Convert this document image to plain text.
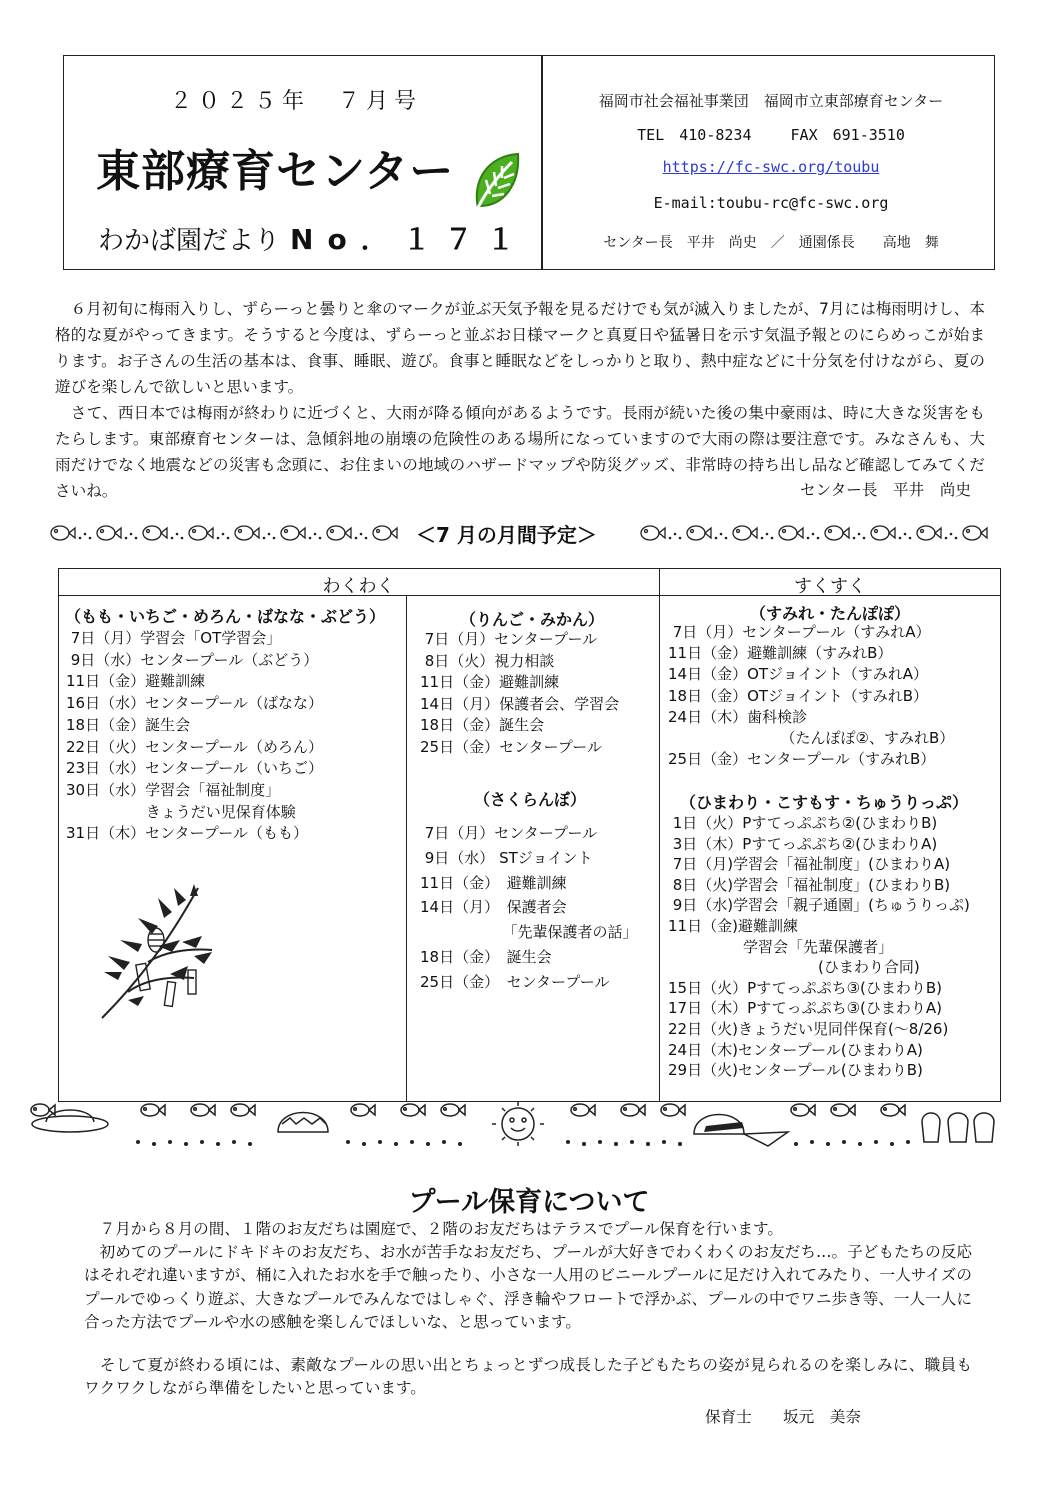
２０２５年　７月号
東部療育センター
わかば園だより No．１７１
福岡市社会福祉事業団　福岡市立東部療育センター
TEL　410-8234　　 FAX　691-3510
https://fc-swc.org/toubu
E-mail:toubu-rc@fc-swc.org
センター長　平井　尚史　／　通園係長　　高地　舞
　６月初旬に梅雨入りし、ずらーっと曇りと傘のマークが並ぶ天気予報を見るだけでも気が滅入りましたが、7月には梅雨明けし、本格的な夏がやってきます。そうすると今度は、ずらーっと並ぶお日様マークと真夏日や猛暑日を示す気温予報とのにらめっこが始まります。お子さんの生活の基本は、食事、睡眠、遊び。食事と睡眠などをしっかりと取り、熱中症などに十分気を付けながら、夏の遊びを楽しんで欲しいと思います。
　さて、西日本では梅雨が終わりに近づくと、大雨が降る傾向があるようです。長雨が続いた後の集中豪雨は、時に大きな災害をもたらします。東部療育センターは、急傾斜地の崩壊の危険性のある場所になっていますので大雨の際は要注意です。みなさんも、大雨だけでなく地震などの災害も念頭に、お住まいの地域のハザードマップや防災グッズ、非常時の持ち出し品など確認してみてくださいね。	センター長　平井　尚史
＜7 月の月間予定＞
わくわく	すくすく
（もも・いちご・めろん・ばなな・ぶどう）
7日（月）学習会「OT学習会」
9日（水）センタープール（ぶどう）
11日（金）避難訓練
16日（水）センタープール（ばなな）
18日（金）誕生会
22日（火）センタープール（めろん）
23日（水）センタープール（いちご）
30日（水）学習会「福祉制度」
　　　　　 きょうだい児保育体験
31日（木）センタープール（もも）
（りんご・みかん）
7日（月）センタープール
8日（火）視力相談
11日（金）避難訓練
14日（月）保護者会、学習会
18日（金）誕生会
25日（金）センタープール
（さくらんぼ）
7日（月）センタープール
9日（水） STジョイント
11日（金）　避難訓練
14日（月）　保護者会
　　　　　　「先輩保護者の話」
18日（金）　誕生会
25日（金）　センタープール
（すみれ・たんぽぽ）
7日（月）センタープール（すみれA）
11日（金）避難訓練（すみれB）
14日（金）OTジョイント（すみれA）
18日（金）OTジョイント（すみれB）
24日（木）歯科検診
　　　　　　　　（たんぽぽ②、すみれB）
25日（金）センタープール（すみれB）
（ひまわり・こすもす・ちゅうりっぷ）
1日（火）Pすてっぷぷち②(ひまわりB)
3日（木）Pすてっぷぷち②(ひまわりA)
7日（月)学習会「福祉制度」(ひまわりA)
8日（火)学習会「福祉制度」(ひまわりB)
9日（水)学習会「親子通園」(ちゅうりっぷ)
11日（金)避難訓練
　　　　　学習会「先輩保護者」
　　　　　　　　　　(ひまわり合同)
15日（火）Pすてっぷぷち③(ひまわりB)
17日（木）Pすてっぷぷち③(ひまわりA)
22日（火)きょうだい児同伴保育(～8/26)
24日（木)センタープール(ひまわりA)
29日（火)センタープール(ひまわりB)
プール保育について
　７月から８月の間、１階のお友だちは園庭で、２階のお友だちはテラスでプール保育を行います。
　初めてのプールにドキドキのお友だち、お水が苦手なお友だち、プールが大好きでわくわくのお友だち…。子どもたちの反応はそれぞれ違いますが、桶に入れたお水を手で触ったり、小さな一人用のビニールプールに足だけ入れてみたり、一人サイズのプールでゆっくり遊ぶ、大きなプールでみんなではしゃぐ、浮き輪やフロートで浮かぶ、プールの中でワニ歩き等、一人一人に合った方法でプールや水の感触を楽しんでほしいな、と思っています。
　そして夏が終わる頃には、素敵なプールの思い出とちょっとずつ成長した子どもたちの姿が見られるのを楽しみに、職員もワクワクしながら準備をしたいと思っています。
保育士　　坂元　美奈
